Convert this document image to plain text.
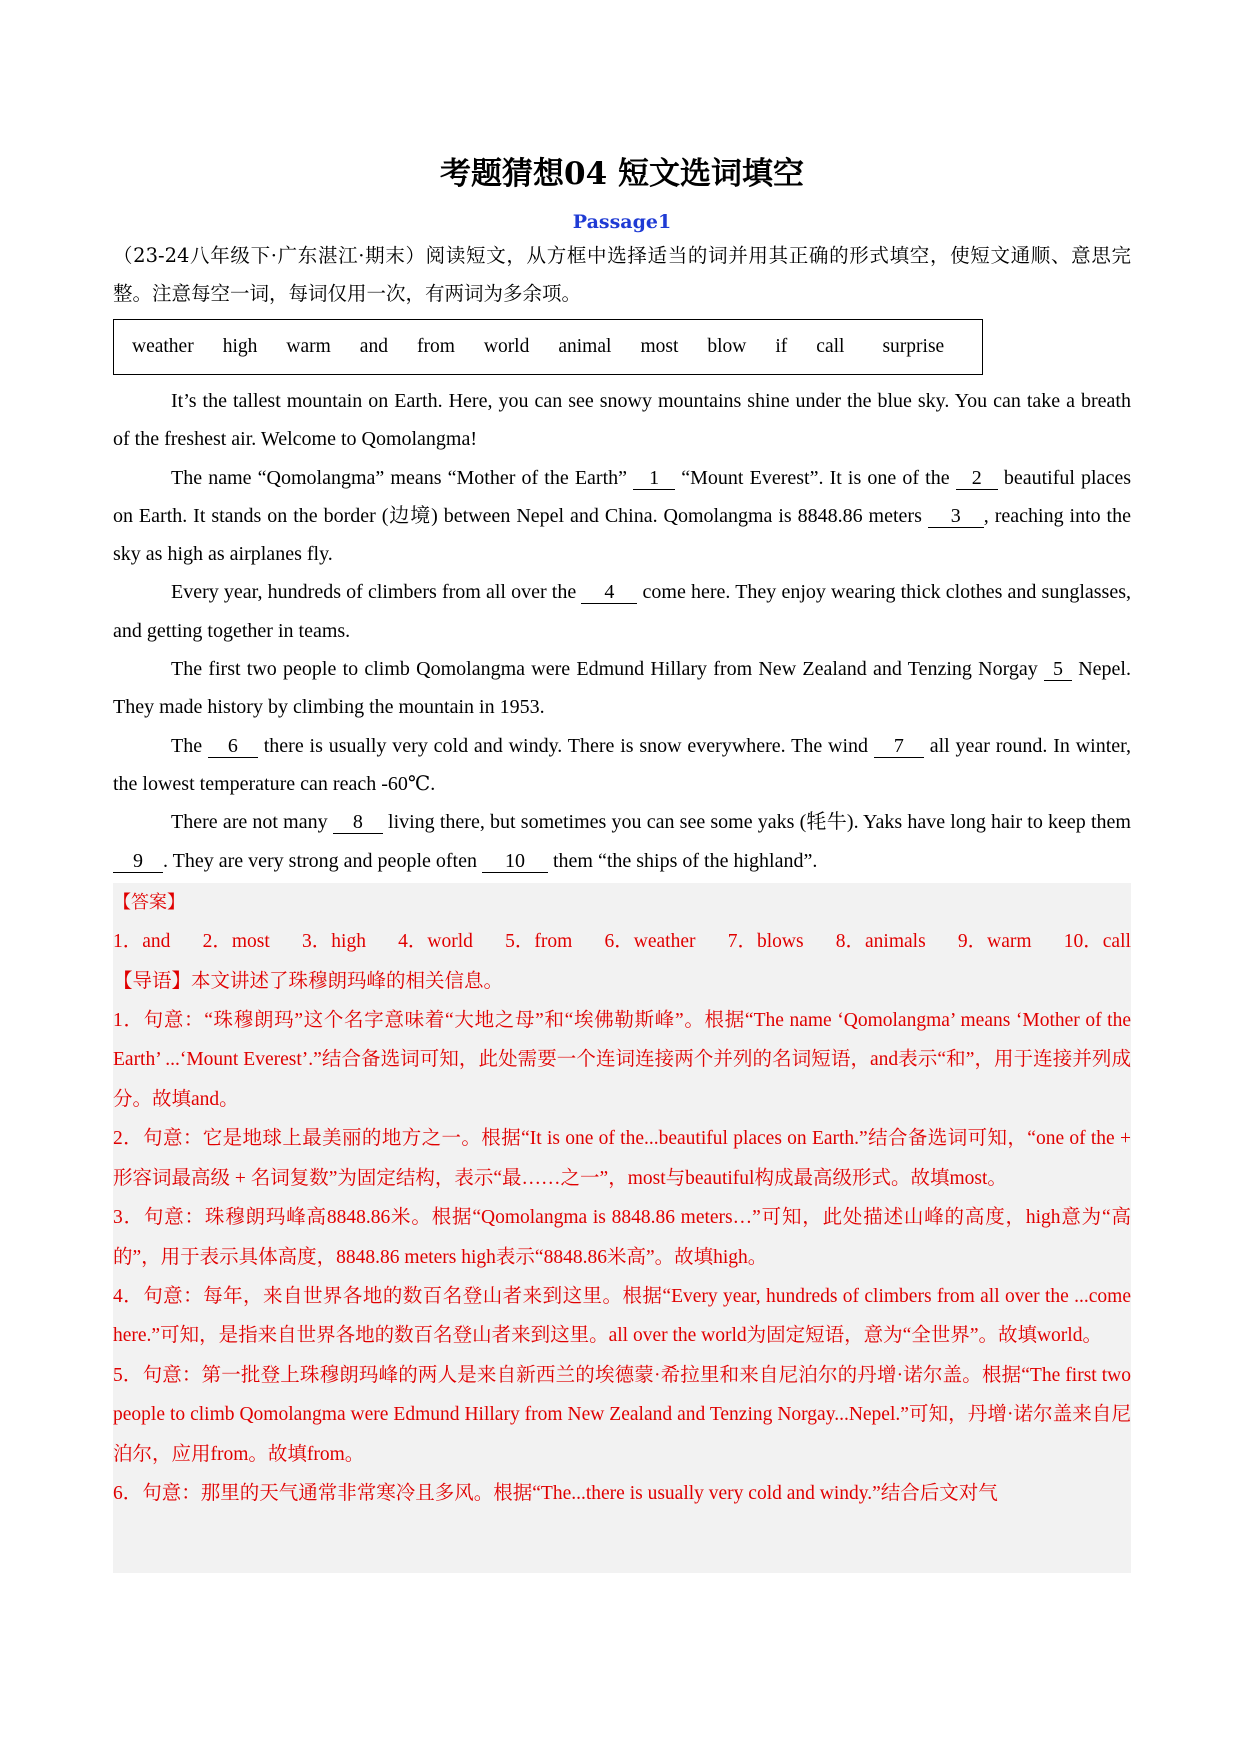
考题猜想04 短文选词填空
Passage1

（23-24八年级下·广东湛江·期末）阅读短文，从方框中选择适当的词并用其正确的形式填空，使短文通顺、意思完整。注意每空一词，每词仅用一次，有两词为多余项。

weather high warm and from world animal most blow if call surprise

It’s the tallest mountain on Earth. Here, you can see snowy mountains shine under the blue sky. You can take a breath of the freshest air. Welcome to Qomolangma!

The name “Qomolangma” means “Mother of the Earth” 1 “Mount Everest”. It is one of the 2 beautiful places on Earth. It stands on the border (边境) between Nepel and China. Qomolangma is 8848.86 meters 3 , reaching into the sky as high as airplanes fly.

Every year, hundreds of climbers from all over the 4 come here. They enjoy wearing thick clothes and sunglasses, and getting together in teams.

The first two people to climb Qomolangma were Edmund Hillary from New Zealand and Tenzing Norgay 5 Nepel. They made history by climbing the mountain in 1953.

The 6 there is usually very cold and windy. There is snow everywhere. The wind 7 all year round. In winter, the lowest temperature can reach -60℃.

There are not many 8 living there, but sometimes you can see some yaks (牦牛). Yaks have long hair to keep them 9 . They are very strong and people often 10 them “the ships of the highland”.

【答案】

1．and 2．most 3．high 4．world 5．from 6．weather 7．blows 8．animals 9．warm 10．call

【导语】本文讲述了珠穆朗玛峰的相关信息。

1．句意：“珠穆朗玛”这个名字意味着“大地之母”和“埃佛勒斯峰”。根据“The name ‘Qomolangma’ means ‘Mother of the Earth’ ...‘Mount Everest’.”结合备选词可知，此处需要一个连词连接两个并列的名词短语，and表示“和”，用于连接并列成分。故填and。

2．句意：它是地球上最美丽的地方之一。根据“It is one of the...beautiful places on Earth.”结合备选词可知，“one of the + 形容词最高级 + 名词复数”为固定结构，表示“最……之一”，most与beautiful构成最高级形式。故填most。

3．句意：珠穆朗玛峰高8848.86米。根据“Qomolangma is 8848.86 meters…”可知，此处描述山峰的高度，high意为“高的”，用于表示具体高度，8848.86 meters high表示“8848.86米高”。故填high。

4．句意：每年，来自世界各地的数百名登山者来到这里。根据“Every year, hundreds of climbers from all over the ...come here.”可知，是指来自世界各地的数百名登山者来到这里。all over the world为固定短语，意为“全世界”。故填world。

5．句意：第一批登上珠穆朗玛峰的两人是来自新西兰的埃德蒙·希拉里和来自尼泊尔的丹增·诺尔盖。根据“The first two people to climb Qomolangma were Edmund Hillary from New Zealand and Tenzing Norgay...Nepel.”可知，丹增·诺尔盖来自尼泊尔，应用from。故填from。

6．句意：那里的天气通常非常寒冷且多风。根据“The...there is usually very cold and windy.”结合后文对气
